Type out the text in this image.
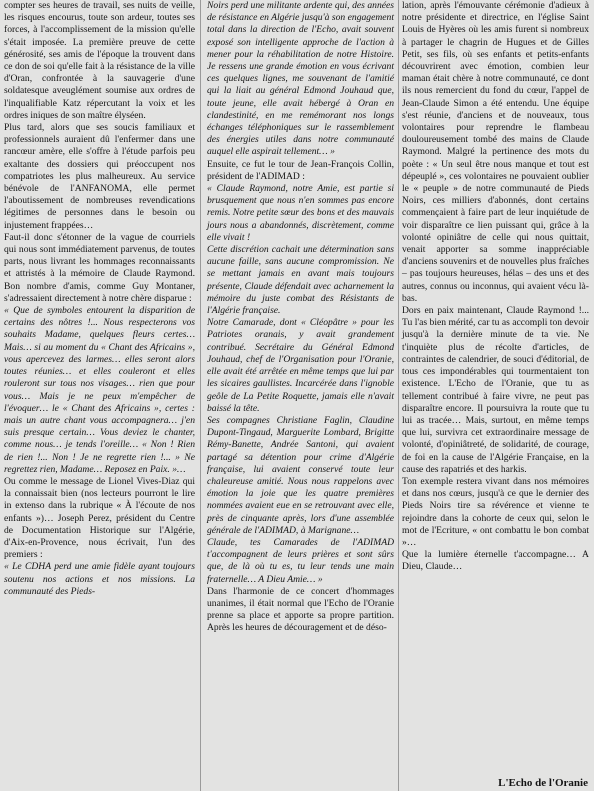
compter ses heures de travail, ses nuits de veille, les risques encourus, toute son ardeur, toutes ses forces, à l'accomplissement de la mission qu'elle s'était imposée. La première preuve de cette générosité, ses amis de l'époque la trouvent dans ce don de soi qu'elle fait à la résistance de la ville d'Oran, confrontée à la sauvagerie d'une soldatesque aveuglément soumise aux ordres de l'inqualifiable Katz répercutant la voix et les ordres iniques de son maître élyséen.

Plus tard, alors que ses soucis familiaux et professionnels auraient dû l'enfermer dans une rancœur amère, elle s'offre à l'étude parfois peu exaltante des dossiers qui préoccupent nos compatriotes les plus malheureux. Au service bénévole de l'ANFANOMA, elle permet l'aboutissement de nombreuses revendications légitimes de personnes dans le besoin ou injustement frappées…

Faut-il donc s'étonner de la vague de courriels qui nous sont immédiatement parvenus, de toutes parts, nous livrant les hommages reconnaissants et attristés à la mémoire de Claude Raymond. Bon nombre d'amis, comme Guy Montaner, s'adressaient directement à notre chère disparue :

« Que de symboles entourent la disparition de certains des nôtres !... Nous respecterons vos souhaits Madame, quelques fleurs certes… Mais… si au moment du « Chant des Africains », vous apercevez des larmes… elles seront alors toutes réunies… et elles couleront et elles rouleront sur tous nos visages… rien que pour vous… Mais je ne peux m'empêcher de l'évoquer… le « Chant des Africains », certes : mais un autre chant vous accompagnera… j'en suis presque certain… Vous deviez le chanter, comme nous… je tends l'oreille… « Non ! Rien de rien !... Non ! Je ne regrette rien !... » Ne regrettez rien, Madame… Reposez en Paix. »…

Ou comme le message de Lionel Vives-Diaz qui la connaissait bien (nos lecteurs pourront le lire in extenso dans la rubrique « À l'écoute de nos enfants »)… Joseph Perez, président du Centre de Documentation Historique sur l'Algérie, d'Aix-en-Provence, nous écrivait, l'un des premiers :

« Le CDHA perd une amie fidèle ayant toujours soutenu nos actions et nos missions. La communauté des Pieds-

Noirs perd une militante ardente qui, des années de résistance en Algérie jusqu'à son engagement total dans la direction de l'Echo, avait souvent exposé son intelligente approche de l'action à mener pour la réhabilitation de notre Histoire. Je ressens une grande émotion en vous écrivant ces quelques lignes, me souvenant de l'amitié qui la liait au général Edmond Jouhaud que, toute jeune, elle avait hébergé à Oran en clandestinité, en me remémorant nos longs échanges téléphoniques sur le rassemblement des énergies utiles dans notre communauté auquel elle aspirait tellement… »

Ensuite, ce fut le tour de Jean-François Collin, président de l'ADIMAD :

« Claude Raymond, notre Amie, est partie si brusquement que nous n'en sommes pas encore remis. Notre petite sœur des bons et des mauvais jours nous a abandonnés, discrètement, comme elle vivait !

Cette discrétion cachait une détermination sans aucune faille, sans aucune compromission. Ne se mettant jamais en avant mais toujours présente, Claude défendait avec acharnement la mémoire du juste combat des Résistants de l'Algérie française.

Notre Camarade, dont « Cléopâtre » pour les Patriotes oranais, y avait grandement contribué. Secrétaire du Général Edmond Jouhaud, chef de l'Organisation pour l'Oranie, elle avait été arrêtée en même temps que lui par les sicaires gaullistes. Incarcérée dans l'ignoble geôle de La Petite Roquette, jamais elle n'avait baissé la tête.

Ses compagnes Christiane Faglin, Claudine Dupont-Tingaud, Marguerite Lombard, Brigitte Rémy-Banette, Andrée Santoni, qui avaient partagé sa détention pour crime d'Algérie française, lui avaient conservé toute leur chaleureuse amitié. Nous nous rappelons avec émotion la joie que les quatre premières nommées avaient eue en se retrouvant avec elle, près de cinquante après, lors d'une assemblée générale de l'ADIMAD, à Marignane…

Claude, tes Camarades de l'ADIMAD t'accompagnent de leurs prières et sont sûrs que, de là où tu es, tu leur tends une main fraternelle… A Dieu Amie… »

Dans l'harmonie de ce concert d'hommages unanimes, il était normal que l'Echo de l'Oranie prenne sa place et apporte sa propre partition. Après les heures de découragement et de déso-

lation, après l'émouvante cérémonie d'adieux à notre présidente et directrice, en l'église Saint Louis de Hyères où les amis furent si nombreux à partager le chagrin de Hugues et de Gilles Petit, ses fils, où ses enfants et petits-enfants découvrirent avec émotion, combien leur maman était chère à notre communauté, ce dont ils nous remercient du fond du cœur, l'appel de Jean-Claude Simon a été entendu. Une équipe s'est réunie, d'anciens et de nouveaux, tous volontaires pour reprendre le flambeau douloureusement tombé des mains de Claude Raymond. Malgré la pertinence des mots du poète : « Un seul être nous manque et tout est dépeuplé », ces volontaires ne pouvaient oublier le « peuple » de notre communauté de Pieds Noirs, ces milliers d'abonnés, dont certains commençaient à faire part de leur inquiétude de voir disparaître ce lien puissant qui, grâce à la volonté opiniâtre de celle qui nous quittait, venait apporter sa somme inappréciable d'anciens souvenirs et de nouvelles plus fraîches – pas toujours heureuses, hélas – des uns et des autres, connus ou inconnus, qui avaient vécu là-bas.

Dors en paix maintenant, Claude Raymond !... Tu l'as bien mérité, car tu as accompli ton devoir jusqu'à la dernière minute de ta vie. Ne t'inquiète plus de récolte d'articles, de contraintes de calendrier, de souci d'éditorial, de tous ces impondérables qui tourmentaient ton existence. L'Echo de l'Oranie, que tu as tellement contribué à faire vivre, ne peut pas disparaître encore. Il poursuivra la route que tu lui as tracée… Mais, surtout, en même temps que lui, survivra cet extraordinaire message de volonté, d'opiniâtreté, de solidarité, de courage, de foi en la cause de l'Algérie Française, en la cause des rapatriés et des harkis.

Ton exemple restera vivant dans nos mémoires et dans nos cœurs, jusqu'à ce que le dernier des Pieds Noirs tire sa révérence et vienne te rejoindre dans la cohorte de ceux qui, selon le mot de l'Ecriture, « ont combattu le bon combat »…

Que la lumière éternelle t'accompagne… A Dieu, Claude…

L'Echo de l'Oranie
